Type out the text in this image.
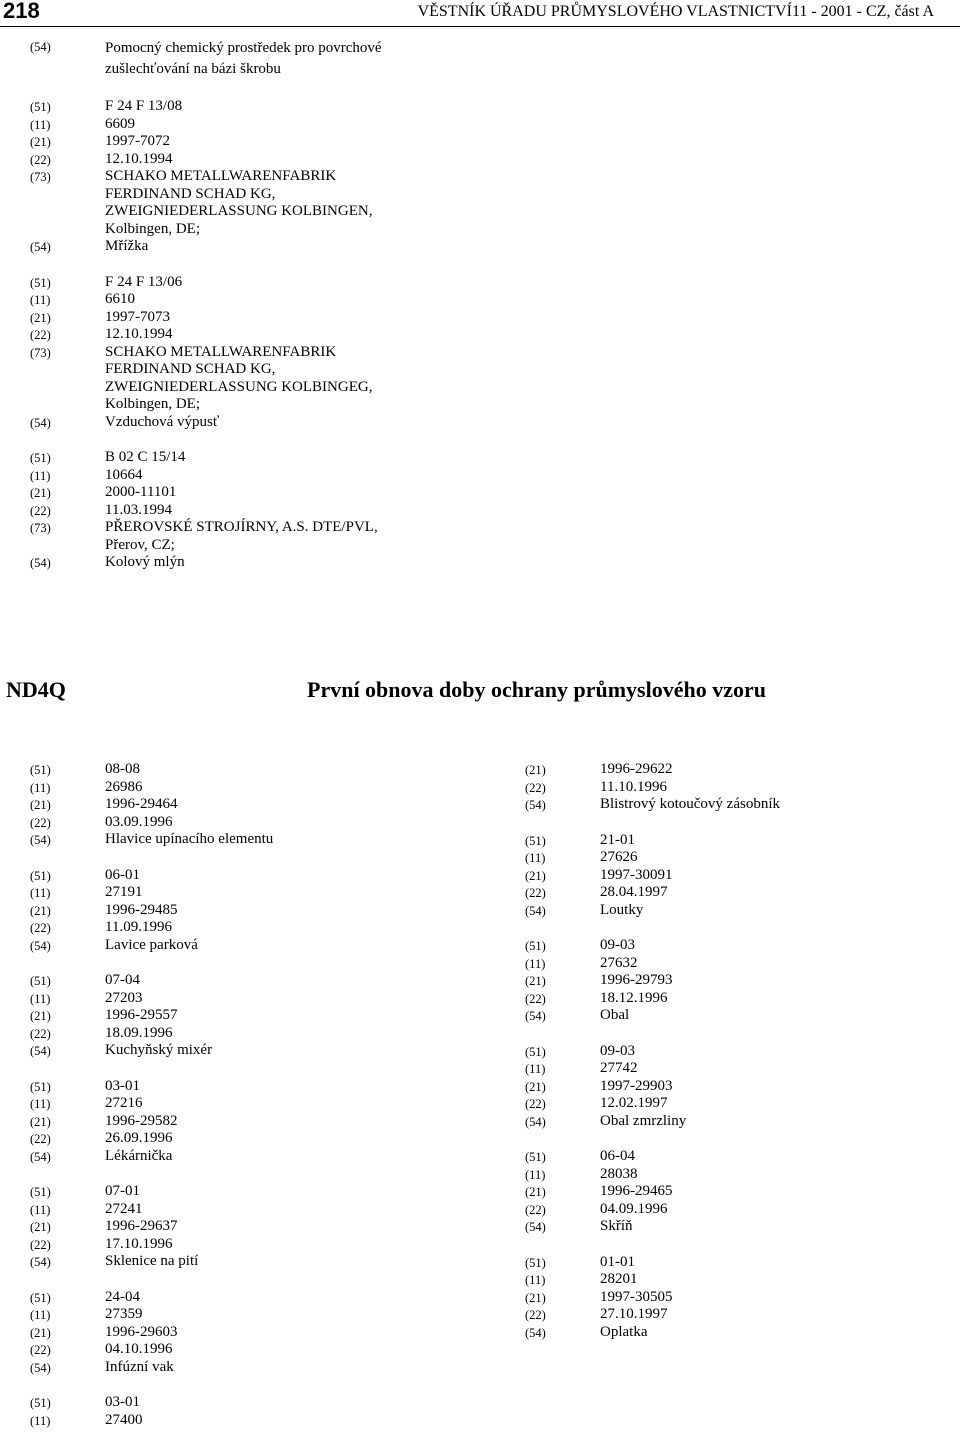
218	VĚSTNÍK ÚŘADU PRŮMYSLOVÉHO VLASTNICTVÍ11 - 2001 - CZ, část A
(54)	Pomocný chemický prostředek pro povrchové
zušlechťování na bázi škrobu
(51)	F 24 F 13/08
(11)	6609
(21)	1997-7072
(22)	12.10.1994
(73)	SCHAKO METALLWARENFABRIK
FERDINAND SCHAD KG,
ZWEIGNIEDERLASSUNG KOLBINGEN,
Kolbingen, DE;
(54)	Mřížka
(51)	F 24 F 13/06
(11)	6610
(21)	1997-7073
(22)	12.10.1994
(73)	SCHAKO METALLWARENFABRIK
FERDINAND SCHAD KG,
ZWEIGNIEDERLASSUNG KOLBINGEG,
Kolbingen, DE;
(54)	Vzduchová výpusť
(51)	B 02 C 15/14
(11)	10664
(21)	2000-11101
(22)	11.03.1994
(73)	PŘEROVSKÉ STROJÍRNY, A.S. DTE/PVL,
Přerov, CZ;
(54)	Kolový mlýn
ND4Q	První obnova doby ochrany průmyslového vzoru
(51)	08-08
(11)	26986
(21)	1996-29464
(22)	03.09.1996
(54)	Hlavice upínacího elementu
(51)	06-01
(11)	27191
(21)	1996-29485
(22)	11.09.1996
(54)	Lavice parková
(51)	07-04
(11)	27203
(21)	1996-29557
(22)	18.09.1996
(54)	Kuchyňský mixér
(51)	03-01
(11)	27216
(21)	1996-29582
(22)	26.09.1996
(54)	Lékárnička
(51)	07-01
(11)	27241
(21)	1996-29637
(22)	17.10.1996
(54)	Sklenice na pití
(51)	24-04
(11)	27359
(21)	1996-29603
(22)	04.10.1996
(54)	Infúzní vak
(51)	03-01
(11)	27400
(21)	1996-29622
(22)	11.10.1996
(54)	Blistrový kotoučový zásobník
(51)	21-01
(11)	27626
(21)	1997-30091
(22)	28.04.1997
(54)	Loutky
(51)	09-03
(11)	27632
(21)	1996-29793
(22)	18.12.1996
(54)	Obal
(51)	09-03
(11)	27742
(21)	1997-29903
(22)	12.02.1997
(54)	Obal zmrzliny
(51)	06-04
(11)	28038
(21)	1996-29465
(22)	04.09.1996
(54)	Skříň
(51)	01-01
(11)	28201
(21)	1997-30505
(22)	27.10.1997
(54)	Oplatka
